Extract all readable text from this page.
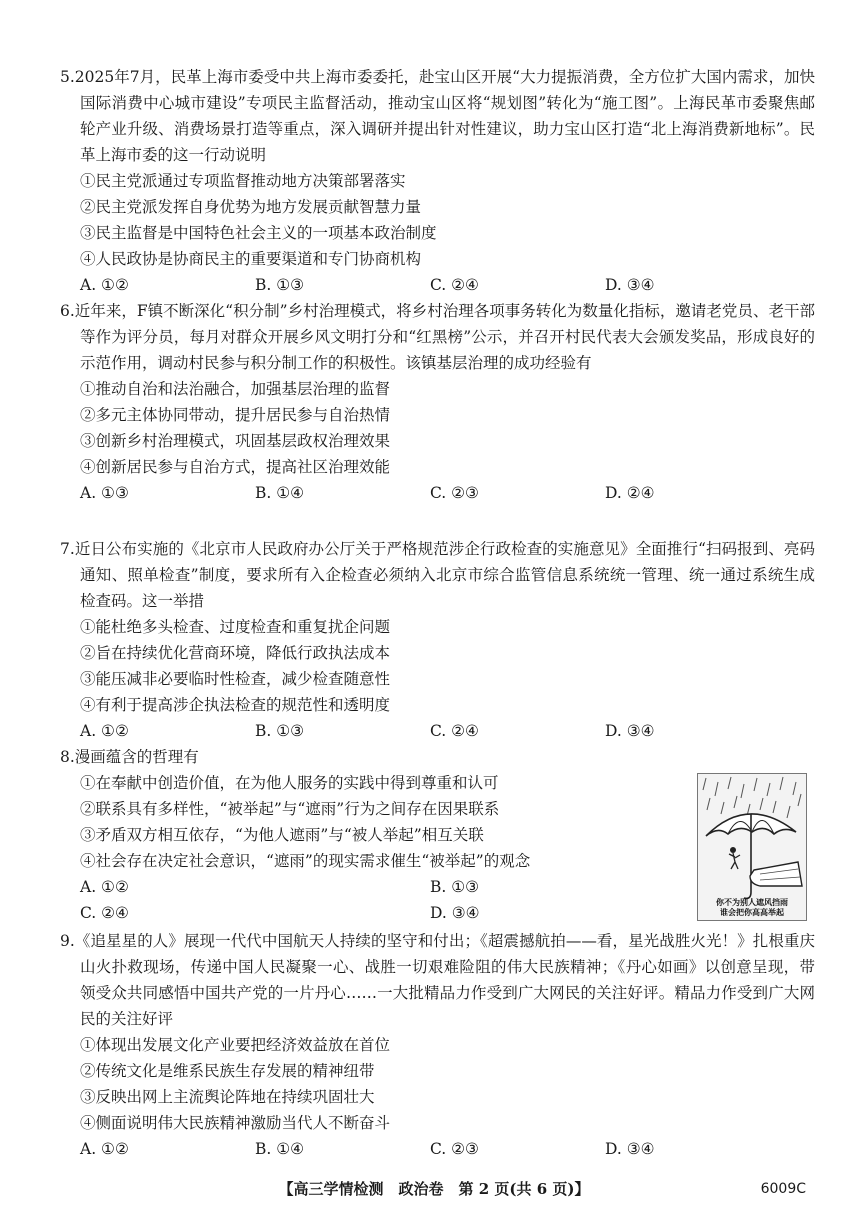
5.2025年7月，民革上海市委受中共上海市委委托，赴宝山区开展“大力提振消费，全方位扩大国内需求，加快国际消费中心城市建设”专项民主监督活动，推动宝山区将“规划图”转化为“施工图”。上海民革市委聚焦邮轮产业升级、消费场景打造等重点，深入调研并提出针对性建议，助力宝山区打造“北上海消费新地标”。民革上海市委的这一行动说明

①民主党派通过专项监督推动地方决策部署落实
②民主党派发挥自身优势为地方发展贡献智慧力量
③民主监督是中国特色社会主义的一项基本政治制度
④人民政协是协商民主的重要渠道和专门协商机构
A. ①②	B. ①③	C. ②④	D. ③④

6.近年来，F镇不断深化“积分制”乡村治理模式，将乡村治理各项事务转化为数量化指标，邀请老党员、老干部等作为评分员，每月对群众开展乡风文明打分和“红黑榜”公示，并召开村民代表大会颁发奖品，形成良好的示范作用，调动村民参与积分制工作的积极性。该镇基层治理的成功经验有

①推动自治和法治融合，加强基层治理的监督
②多元主体协同带动，提升居民参与自治热情
③创新乡村治理模式，巩固基层政权治理效果
④创新居民参与自治方式，提高社区治理效能
A. ①③	B. ①④	C. ②③	D. ②④

7.近日公布实施的《北京市人民政府办公厅关于严格规范涉企行政检查的实施意见》全面推行“扫码报到、亮码通知、照单检查”制度，要求所有入企检查必须纳入北京市综合监管信息系统统一管理、统一通过系统生成检查码。这一举措

①能杜绝多头检查、过度检查和重复扰企问题
②旨在持续优化营商环境，降低行政执法成本
③能压减非必要临时性检查，减少检查随意性
④有利于提高涉企执法检查的规范性和透明度
A. ①②	B. ①③	C. ②④	D. ③④

8.漫画蕴含的哲理有

①在奉献中创造价值，在为他人服务的实践中得到尊重和认可
②联系具有多样性，“被举起”与“遮雨”行为之间存在因果联系
③矛盾双方相互依存，“为他人遮雨”与“被人举起”相互关联
④社会存在决定社会意识，“遮雨”的现实需求催生“被举起”的观念
A. ①②	B. ①③
C. ②④	D. ③④
你不为别人遮风挡雨
谁会把你高高举起

9.《追星星的人》展现一代代中国航天人持续的坚守和付出；《超震撼航拍——看，星光战胜火光！》扎根重庆山火扑救现场，传递中国人民凝聚一心、战胜一切艰难险阻的伟大民族精神；《丹心如画》以创意呈现，带领受众共同感悟中国共产党的一片丹心……一大批精品力作受到广大网民的关注好评。精品力作受到广大网民的关注好评

①体现出发展文化产业要把经济效益放在首位
②传统文化是维系民族生存发展的精神纽带
③反映出网上主流舆论阵地在持续巩固壮大
④侧面说明伟大民族精神激励当代人不断奋斗
A. ①②	B. ①④	C. ②③	D. ③④
【高三学情检测　政治卷　第 2 页(共 6 页)】	6009C
